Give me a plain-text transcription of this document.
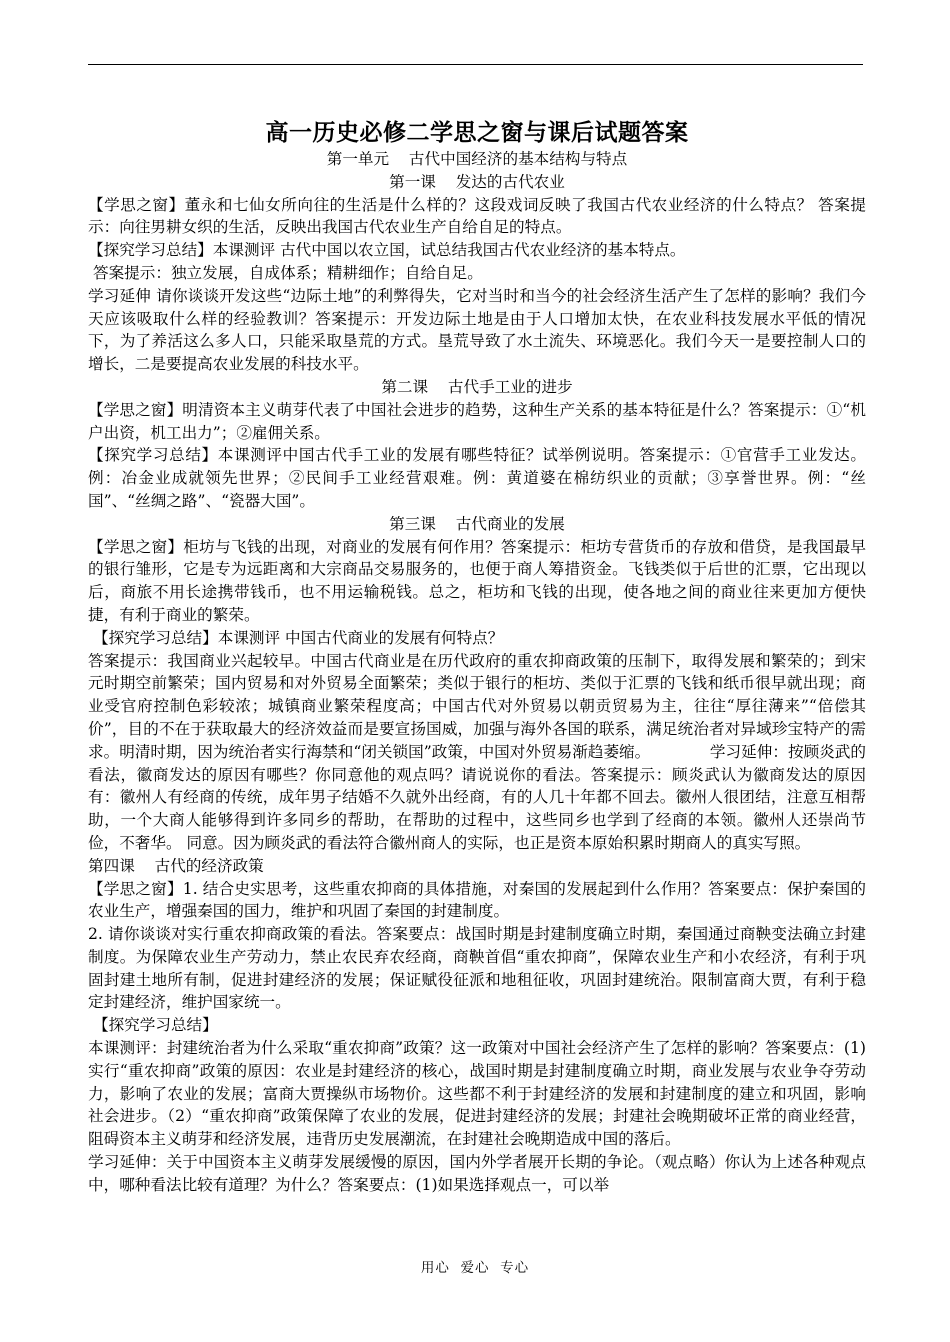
高一历史必修二学思之窗与课后试题答案

第一单元    古代中国经济的基本结构与特点

第一课    发达的古代农业

【学思之窗】董永和七仙女所向往的生活是什么样的？这段戏词反映了我国古代农业经济的什么特点？ 答案提示：向往男耕女织的生活，反映出我国古代农业生产自给自足的特点。

【探究学习总结】本课测评 古代中国以农立国，试总结我国古代农业经济的基本特点。

答案提示：独立发展，自成体系；精耕细作；自给自足。

学习延伸 请你谈谈开发这些“边际土地”的利弊得失，它对当时和当今的社会经济生活产生了怎样的影响？我们今天应该吸取什么样的经验教训？答案提示：开发边际土地是由于人口增加太快，在农业科技发展水平低的情况下，为了养活这么多人口，只能采取垦荒的方式。垦荒导致了水土流失、环境恶化。我们今天一是要控制人口的增长，二是要提高农业发展的科技水平。

第二课    古代手工业的进步

【学思之窗】明清资本主义萌芽代表了中国社会进步的趋势，这种生产关系的基本特征是什么？答案提示：①“机户出资，机工出力”；②雇佣关系。

【探究学习总结】本课测评中国古代手工业的发展有哪些特征？试举例说明。答案提示：①官营手工业发达。例：冶金业成就领先世界；②民间手工业经营艰难。例：黄道婆在棉纺织业的贡献；③享誉世界。例：“丝国”、“丝绸之路”、“瓷器大国”。

第三课    古代商业的发展

【学思之窗】柜坊与飞钱的出现，对商业的发展有何作用？答案提示：柜坊专营货币的存放和借贷，是我国最早的银行雏形，它是专为远距离和大宗商品交易服务的，也便于商人筹措资金。飞钱类似于后世的汇票，它出现以后，商旅不用长途携带钱币，也不用运输税钱。总之，柜坊和飞钱的出现，使各地之间的商业往来更加方便快捷，有利于商业的繁荣。

【探究学习总结】本课测评 中国古代商业的发展有何特点？

答案提示：我国商业兴起较早。中国古代商业是在历代政府的重农抑商政策的压制下，取得发展和繁荣的；到宋元时期空前繁荣；国内贸易和对外贸易全面繁荣；类似于银行的柜坊、类似于汇票的飞钱和纸币很早就出现；商业受官府控制色彩较浓；城镇商业繁荣程度高；中国古代对外贸易以朝贡贸易为主，往往“厚往薄来”“倍偿其价”，目的不在于获取最大的经济效益而是要宣扬国威，加强与海外各国的联系，满足统治者对异域珍宝特产的需求。明清时期，因为统治者实行海禁和“闭关锁国”政策，中国对外贸易渐趋萎缩。            学习延伸：按顾炎武的看法，徽商发达的原因有哪些？你同意他的观点吗？请说说你的看法。答案提示：顾炎武认为徽商发达的原因有：徽州人有经商的传统，成年男子结婚不久就外出经商，有的人几十年都不回去。徽州人很团结，注意互相帮助，一个大商人能够得到许多同乡的帮助，在帮助的过程中，这些同乡也学到了经商的本领。徽州人还崇尚节俭，不奢华。 同意。因为顾炎武的看法符合徽州商人的实际，也正是资本原始积累时期商人的真实写照。

第四课    古代的经济政策

【学思之窗】1. 结合史实思考，这些重农抑商的具体措施，对秦国的发展起到什么作用？答案要点：保护秦国的农业生产，增强秦国的国力，维护和巩固了秦国的封建制度。

2. 请你谈谈对实行重农抑商政策的看法。答案要点：战国时期是封建制度确立时期，秦国通过商鞅变法确立封建制度。为保障农业生产劳动力，禁止农民弃农经商，商鞅首倡“重农抑商”，保障农业生产和小农经济，有利于巩固封建土地所有制，促进封建经济的发展；保证赋役征派和地租征收，巩固封建统治。限制富商大贾，有利于稳定封建经济，维护国家统一。

【探究学习总结】

本课测评：封建统治者为什么采取“重农抑商”政策？这一政策对中国社会经济产生了怎样的影响？答案要点：(1)实行“重农抑商”政策的原因：农业是封建经济的核心，战国时期是封建制度确立时期，商业发展与农业争夺劳动力，影响了农业的发展；富商大贾操纵市场物价。这些都不利于封建经济的发展和封建制度的建立和巩固，影响社会进步。（2）“重农抑商”政策保障了农业的发展，促进封建经济的发展；封建社会晚期破坏正常的商业经营，阻碍资本主义萌芽和经济发展，违背历史发展潮流，在封建社会晚期造成中国的落后。

学习延伸：关于中国资本主义萌芽发展缓慢的原因，国内外学者展开长期的争论。（观点略）你认为上述各种观点中，哪种看法比较有道理？为什么？答案要点：(1)如果选择观点一，可以举

用心  爱心  专心
